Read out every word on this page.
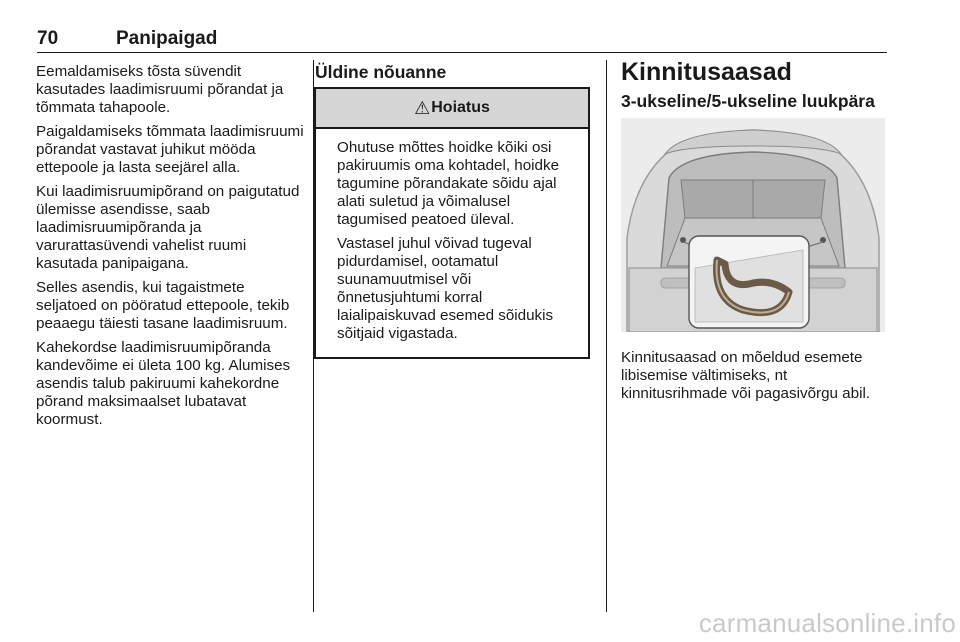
70	Panipaigad

Eemaldamiseks tõsta süvendit kasutades laadimisruumi põrandat ja tõmmata tahapoole.

Paigaldamiseks tõmmata laadimisruumi põrandat vastavat juhikut mööda ettepoole ja lasta seejärel alla.

Kui laadimisruumipõrand on paigutatud ülemisse asendisse, saab laadimisruumipõranda ja varurattasüvendi vahelist ruumi kasutada panipaigana.

Selles asendis, kui tagaistmete seljatoed on pööratud ettepoole, tekib peaaegu täiesti tasane laadimisruum.

Kahekordse laadimisruumipõranda kandevõime ei ületa 100 kg. Alumises asendis talub pakiruumi kahekordne põrand maksimaalset lubatavat koormust.

Üldine nõuanne
⚠ Hoiatus

Ohutuse mõttes hoidke kõiki osi pakiruumis oma kohtadel, hoidke tagumine põrandakate sõidu ajal alati suletud ja võimalusel tagumised peatoed üleval.

Vastasel juhul võivad tugeval pidurdamisel, ootamatul suunamuutmisel või õnnetusjuhtumi korral laialipaiskuvad esemed sõidukis sõitjaid vigastada.

Kinnitusaasad
3-ukseline/5-ukseline luukpära

Kinnitusaasad on mõeldud esemete libisemise vältimiseks, nt kinnitusrihmade või pagasivõrgu abil.

carmanualsonline.info
